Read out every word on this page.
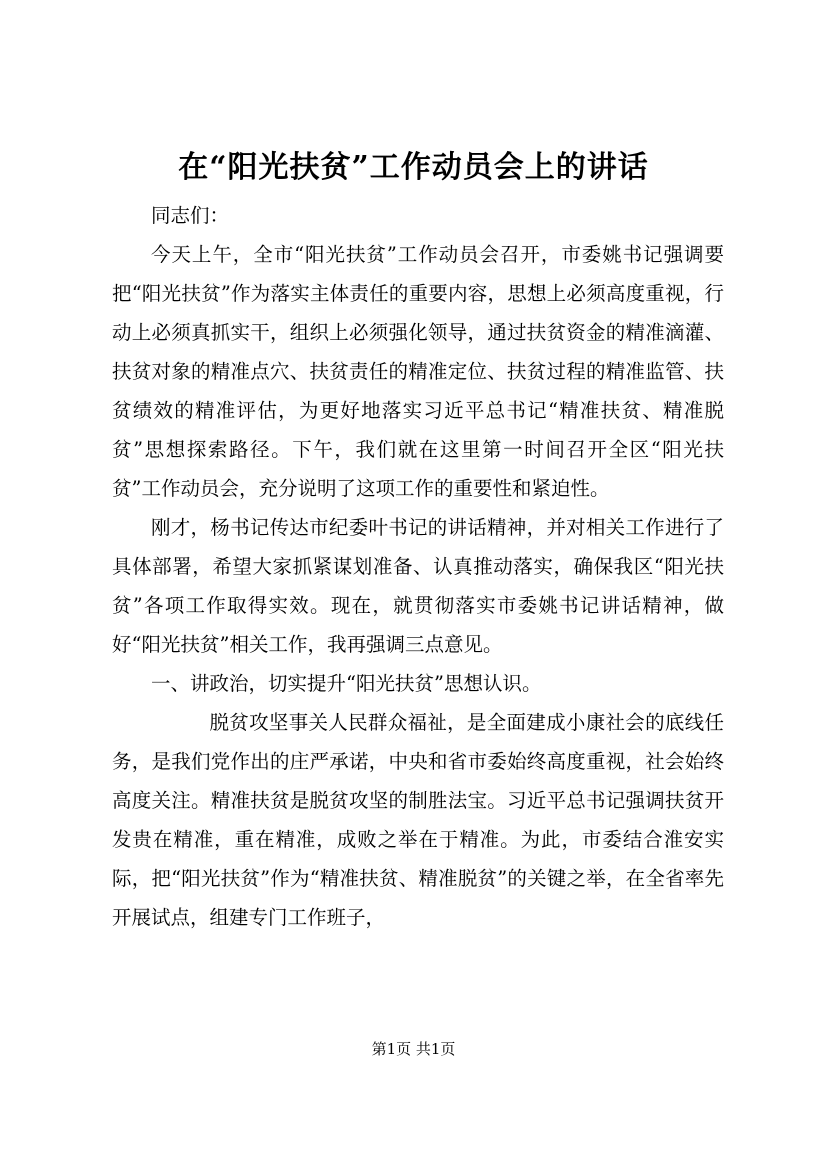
在“阳光扶贫”工作动员会上的讲话

同志们：

今天上午，全市“阳光扶贫”工作动员会召开，市委姚书记强调要把“阳光扶贫”作为落实主体责任的重要内容，思想上必须高度重视，行动上必须真抓实干，组织上必须强化领导，通过扶贫资金的精准滴灌、扶贫对象的精准点穴、扶贫责任的精准定位、扶贫过程的精准监管、扶贫绩效的精准评估，为更好地落实习近平总书记“精准扶贫、精准脱贫”思想探索路径。下午，我们就在这里第一时间召开全区“阳光扶贫”工作动员会，充分说明了这项工作的重要性和紧迫性。

刚才，杨书记传达市纪委叶书记的讲话精神，并对相关工作进行了具体部署，希望大家抓紧谋划准备、认真推动落实，确保我区“阳光扶贫”各项工作取得实效。现在，就贯彻落实市委姚书记讲话精神，做好“阳光扶贫”相关工作，我再强调三点意见。

一、讲政治，切实提升“阳光扶贫”思想认识。

脱贫攻坚事关人民群众福祉，是全面建成小康社会的底线任务，是我们党作出的庄严承诺，中央和省市委始终高度重视，社会始终高度关注。精准扶贫是脱贫攻坚的制胜法宝。习近平总书记强调扶贫开发贵在精准，重在精准，成败之举在于精准。为此，市委结合淮安实际，把“阳光扶贫”作为“精准扶贫、精准脱贫”的关键之举，在全省率先开展试点，组建专门工作班子，

第1页 共1页
